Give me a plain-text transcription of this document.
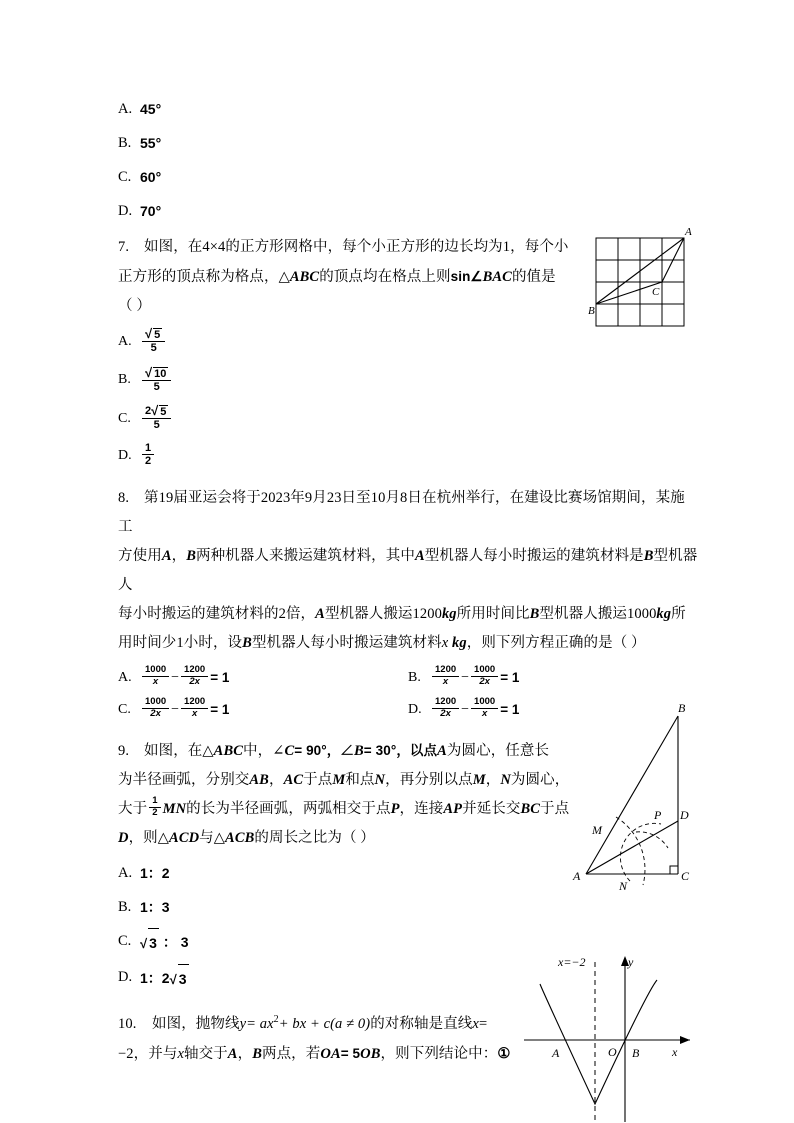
A. 45°
B. 55°
C. 60°
D. 70°

7. 如图，在4×4的正方形网格中，每个小正方形的边长均为1，每个小

正方形的顶点称为格点，△ABC的顶点均在格点上则sin∠BAC的值是

（ ）

A. $\frac{√ 5}{5}$
B. $\frac{√ 10}{5}$
C.	$\frac{2√ 5}{5}$
D. $\frac{1}{2}$

8. 第19届亚运会将于2023年9月23日至10月8日在杭州举行，在建设比赛场馆期间，某施工

方使用A，B两种机器人来搬运建筑材料，其中A型机器人每小时搬运的建筑材料是B型机器人

每小时搬运的建筑材料的2倍，A型机器人搬运1200kg所用时间比B型机器人搬运1000kg所

用时间少1小时，设B型机器人每小时搬运建筑材料x kg，则下列方程正确的是（ ）

A.	$\frac{1000}{x} - \frac{1200}{2x} = 1$	B.	$\frac{1200}{x} - \frac{1000}{2x} = 1$
C.	$\frac{1000}{2x} - \frac{1200}{x} = 1$	D.	$\frac{1200}{2x} - \frac{1000}{x} = 1$

9. 如图，在△ABC中，∠C= 90°，∠B= 30°，以点A为圆心，任意长

为半径画弧，分别交AB，AC于点M和点N，再分别以点M，N为圆心，

大于 $\frac{1}{2}$ MN的长为半径画弧，两弧相交于点P，连接AP并延长交BC于点

D，则△ACD与△ACB的周长之比为（ ）

A. 1：2
B. 1：3
C. √ 3 ： 3
D. 1：2√ 3

10. 如图，抛物线$y= ax^2+$ bx + c(a ≠ 0)的对称轴是直线x=

−2，并与x轴交于A，B两点，若OA= 5OB，则下列结论中：①

A
B
C
M
N
P D
B
C
A
A	O B	x
y
x=−2
